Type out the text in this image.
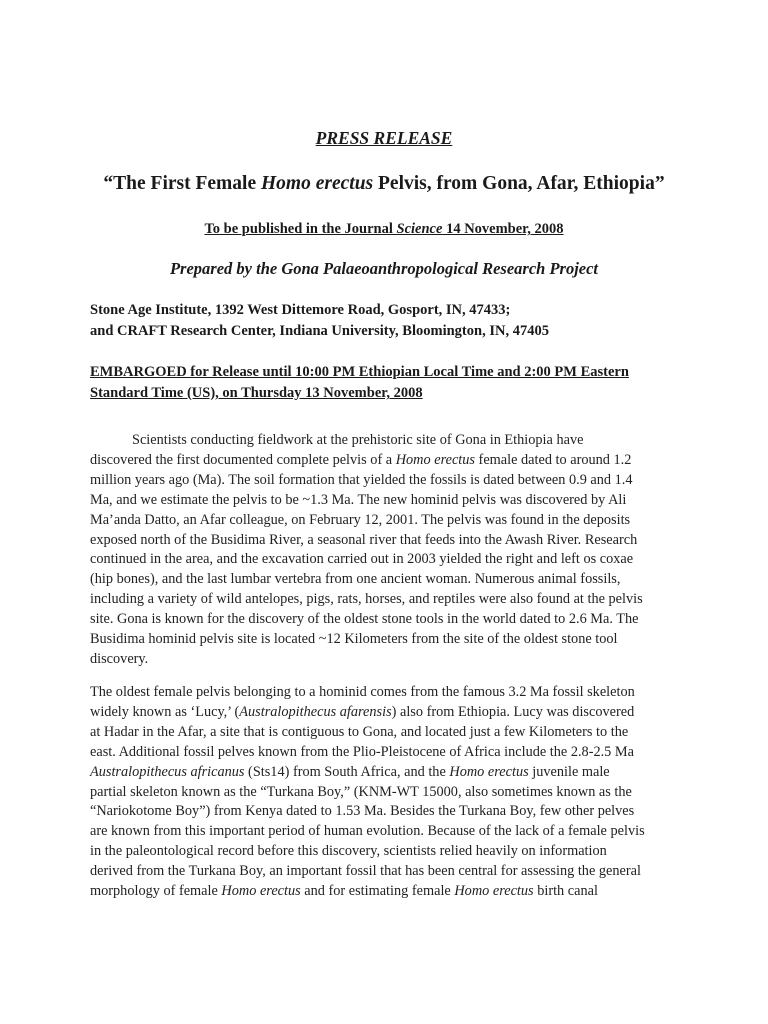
PRESS RELEASE
“The First Female Homo erectus Pelvis, from Gona, Afar, Ethiopia”
To be published in the Journal Science 14 November, 2008
Prepared by the Gona Palaeoanthropological Research Project
Stone Age Institute, 1392 West Dittemore Road, Gosport, IN, 47433;
and CRAFT Research Center, Indiana University, Bloomington, IN, 47405
EMBARGOED for Release until 10:00 PM Ethiopian Local Time and 2:00 PM Eastern
Standard Time (US), on Thursday 13 November, 2008
Scientists conducting fieldwork at the prehistoric site of Gona in Ethiopia have
discovered the first documented complete pelvis of a Homo erectus female dated to around 1.2
million years ago (Ma). The soil formation that yielded the fossils is dated between 0.9 and 1.4
Ma, and we estimate the pelvis to be ~1.3 Ma. The new hominid pelvis was discovered by Ali
Ma’anda Datto, an Afar colleague, on February 12, 2001. The pelvis was found in the deposits
exposed north of the Busidima River, a seasonal river that feeds into the Awash River. Research
continued in the area, and the excavation carried out in 2003 yielded the right and left os coxae
(hip bones), and the last lumbar vertebra from one ancient woman. Numerous animal fossils,
including a variety of wild antelopes, pigs, rats, horses, and reptiles were also found at the pelvis
site. Gona is known for the discovery of the oldest stone tools in the world dated to 2.6 Ma. The
Busidima hominid pelvis site is located ~12 Kilometers from the site of the oldest stone tool
discovery.
The oldest female pelvis belonging to a hominid comes from the famous 3.2 Ma fossil skeleton
widely known as ‘Lucy,’ (Australopithecus afarensis) also from Ethiopia. Lucy was discovered
at Hadar in the Afar, a site that is contiguous to Gona, and located just a few Kilometers to the
east. Additional fossil pelves known from the Plio-Pleistocene of Africa include the 2.8-2.5 Ma
Australopithecus africanus (Sts14) from South Africa, and the Homo erectus juvenile male
partial skeleton known as the “Turkana Boy,” (KNM-WT 15000, also sometimes known as the
“Nariokotome Boy”) from Kenya dated to 1.53 Ma. Besides the Turkana Boy, few other pelves
are known from this important period of human evolution. Because of the lack of a female pelvis
in the paleontological record before this discovery, scientists relied heavily on information
derived from the Turkana Boy, an important fossil that has been central for assessing the general
morphology of female Homo erectus and for estimating female Homo erectus birth canal
